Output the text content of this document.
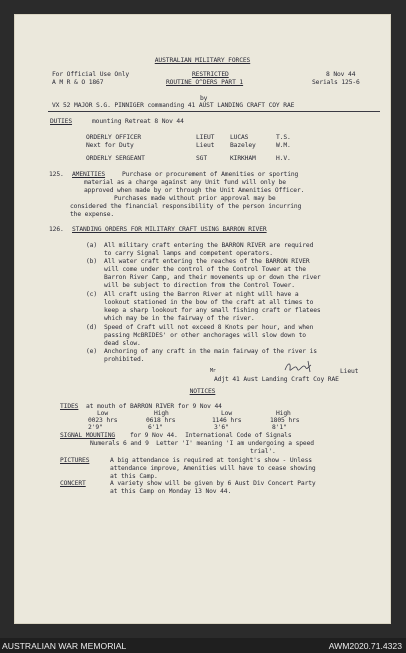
AUSTRALIAN MILITARY FORCES
For Official Use Only
A M R & O 1867
RESTRICTED
ROUTINE O^DERS PART 1
8 Nov 44
Serials 125-6
by
VX 52 MAJOR S.G. PINNIGER commanding 41 AUST LANDING CRAFT COY RAE
DUTIES	mounting Retreat 8 Nov 44
ORDERLY OFFICER	LIEUT LUCAS	T.S.
Next for Duty	Lieut Bazeley	W.M.
ORDERLY SERGEANT	SGT	KIRKHAM	H.V.
125. AMENITIES	Purchase or procurement of Amenities or sporting
material as a charge against any Unit fund will only be
approved when made by or through the Unit Amenities Officer.
Purchases made without prior approval may be
considered the financial responsibility of the person incurring
the expense.
126. STANDING ORDERS FOR MILITARY CRAFT USING BARRON RIVER
(a) All military craft entering the BARRON RIVER are required
to carry Signal lamps and competent operators.
(b) All water craft entering the reaches of the BARRON RIVER
will come under the control of the Control Tower at the
Barron River Camp, and their movements up or down the river
will be subject to direction from the Control Tower.
(c) All craft using the Barron River at night will have a
lookout stationed in the bow of the craft at all times to
keep a sharp lookout for any small fishing craft or flatees
which may be in the fairway of the river.
(d) Speed of Craft will not exceed 8 Knots per hour, and when
passing McBRIDES' or other anchorages will slow down to
dead slow.
(e) Anchoring of any craft in the main fairway of the river is
prohibited.
Mr	Lieut
Adjt 41 Aust Landing Craft Coy RAE
NOTICES
TIDES at mouth of BARRON RIVER for 9 Nov 44
Low	High	Low	High
0023 hrs	0618 hrs	1146 hrs	1805 hrs
2'9"	6'1"	3'6"	8'1"
SIGNAL MOUNTING for 9 Nov 44.  International Code of Signals
Numerals 6 and 9  Letter 'I' meaning 'I am undergoing a speed
trial'.
PICTURES	A big attendance is required at tonight's show - Unless
attendance improve, Amenities will have to cease showing
at this Camp.
CONCERT	A variety show will be given by 6 Aust Div Concert Party
at this Camp on Monday 13 Nov 44.
AUSTRALIAN WAR MEMORIAL	AWM2020.71.4323
